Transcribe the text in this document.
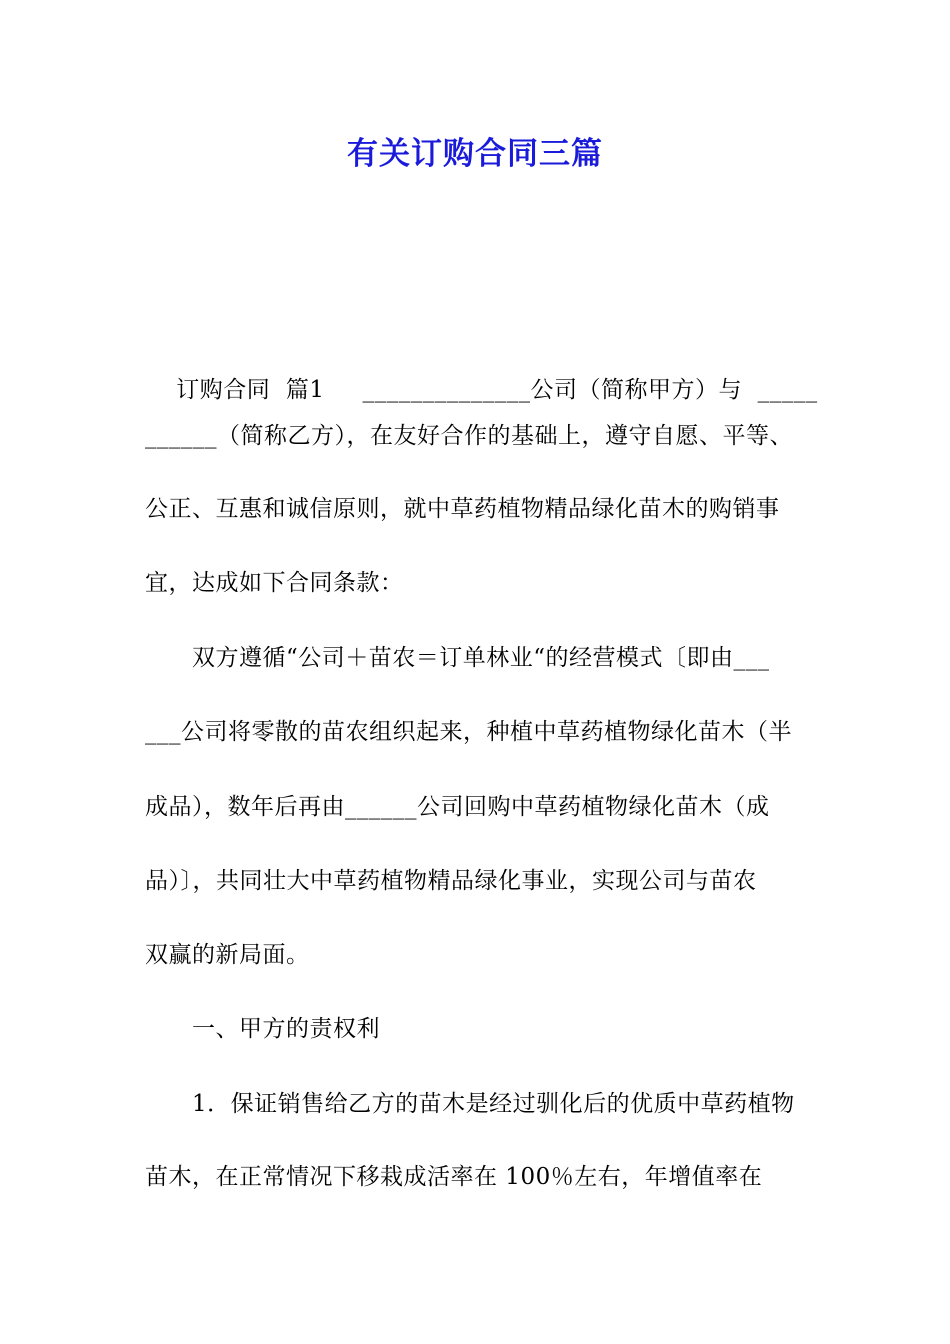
有关订购合同三篇

订购合同  篇1 ______________公司（简称甲方）与  _____

______（简称乙方），在友好合作的基础上，遵守自愿、平等、
公正、互惠和诚信原则，就中草药植物精品绿化苗木的购销事
宜，达成如下合同条款：
双方遵循“公司＋苗农＝订单林业“的经营模式〔即由___
___公司将零散的苗农组织起来，种植中草药植物绿化苗木（半
成品），数年后再由______公司回购中草药植物绿化苗木（成
品）〕，共同壮大中草药植物精品绿化事业，实现公司与苗农
双赢的新局面。
一、甲方的责权利
1．保证销售给乙方的苗木是经过驯化后的优质中草药植物
苗木，在正常情况下移栽成活率在 100％左右，年增值率在
